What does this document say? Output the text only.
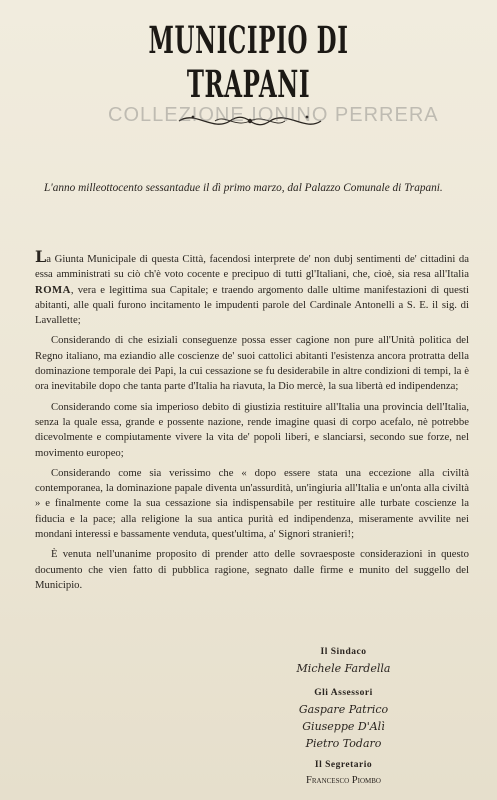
MUNICIPIO DI TRAPANI
COLLEZIONE IONINO PERRERA
L'anno milleottocento sessantadue il dì primo marzo, dal Palazzo Comunale di Trapani.

La Giunta Municipale di questa Città, facendosi interprete de' non dubj sentimenti de' cittadini da essa amministrati su ciò ch'è voto cocente e precipuo di tutti gl'Italiani, che, cioè, sia resa all'Italia ROMA, vera e legittima sua Capitale; e traendo argomento dalle ultime manifestazioni di questi abitanti, alle quali furono incitamento le impudenti parole del Cardinale Antonelli a S. E. il sig. di Lavallette;

Considerando di che esiziali conseguenze possa esser cagione non pure all'Unità politica del Regno italiano, ma eziandio alle coscienze de' suoi cattolici abitanti l'esistenza ancora protratta della dominazione temporale dei Papi, la cui cessazione se fu desiderabile in altre condizioni di tempi, la è ora inevitabile dopo che tanta parte d'Italia ha riavuta, la Dio mercè, la sua libertà ed indipendenza;

Considerando come sia imperioso debito di giustizia restituire all'Italia una provincia dell'Italia, senza la quale essa, grande e possente nazione, rende imagine quasi di corpo acefalo, nè potrebbe dicevolmente e compiutamente vivere la vita de' popoli liberi, e slanciarsi, secondo sue forze, nel movimento europeo;

Considerando come sia verissimo che « dopo essere stata una eccezione alla civiltà contemporanea, la dominazione papale diventa un'assurdità, un'ingiuria all'Italia e un'onta alla civiltà » e finalmente come la sua cessazione sia indispensabile per restituire alle turbate coscienze la fiducia e la pace; alla religione la sua antica purità ed indipendenza, miseramente avvilite nei mondani interessi e bassamente venduta, quest'ultima, a' Signori stranieri!;

È venuta nell'unanime proposito di prender atto delle sovraesposte considerazioni in questo documento che vien fatto di pubblica ragione, segnato dalle firme e munito del suggello del Municipio.

Il Sindaco
Michele Fardella
Gli Assessori
Gaspare Patrico
Giuseppe D'Alì
Pietro Todaro
Il Segretario
Francesco Piombo
